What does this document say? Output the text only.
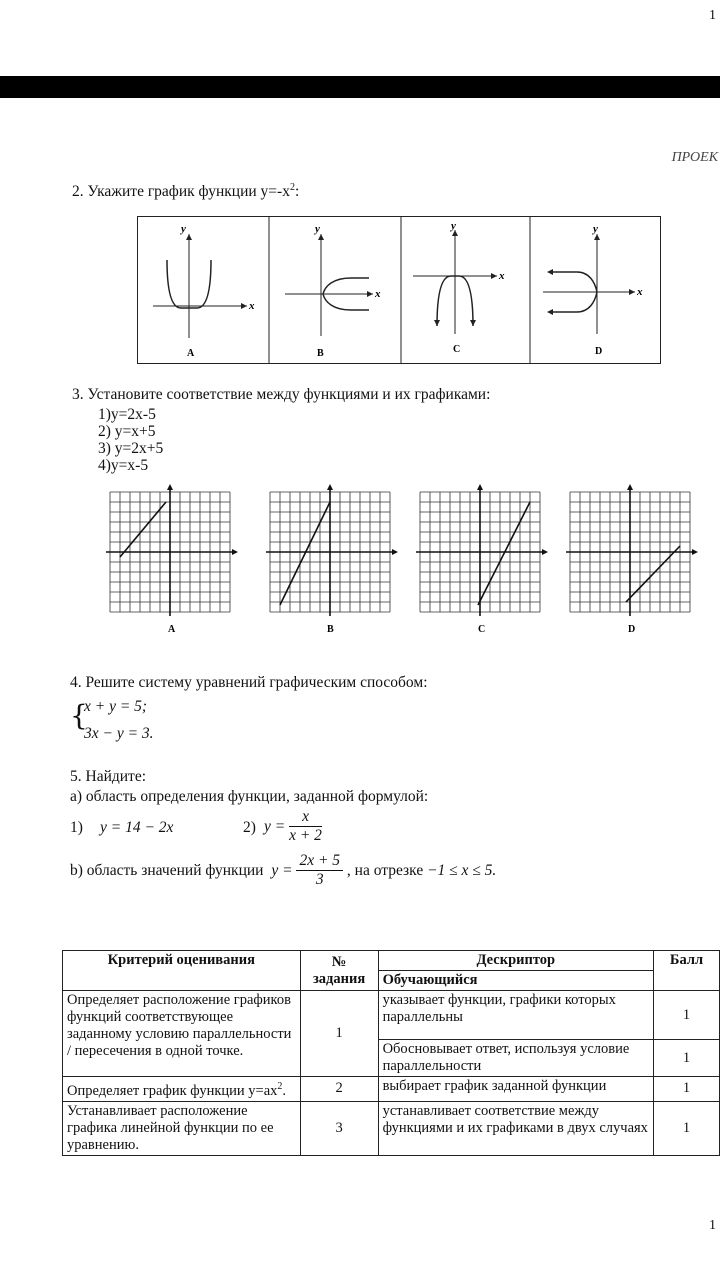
1
ПРОЕК
2. Укажите график функции $y=-x^2$:
x
y
A
x
y
B
x
y
C
x
y
D
3. Установите соответствие между функциями и их графиками:
1)y=2x-5
2) y=x+5
3) y=2x+5
4)y=x-5
A	B	C	D
4. Решите систему уравнений графическим способом:
{
x + y = 5;
3x − y = 3.
5. Найдите:
a) область определения функции, заданной формулой:
1) y = 14 − 2x	2) $y = \frac{x}{x + 2}$
b) область значений функции $y = \frac{2x + 5}{3}$ , на отрезке −1 ≤ x ≤ 5.
Критерий оценивания	№ задания	Дескриптор	Балл
		Обучающийся	
Определяет расположение графиков функций соответствующее заданному условию параллельности / пересечения в одной точке.	1	указывает функции, графики которых параллельны	1
		Обосновывает ответ, используя условие параллельности	1
Определяет график функции $y=ax^2$.	2	выбирает график заданной функции	1
Устанавливает расположение графика линейной функции по ее уравнению.	3	устанавливает соответствие между функциями и их графиками в двух случаях	1
1
